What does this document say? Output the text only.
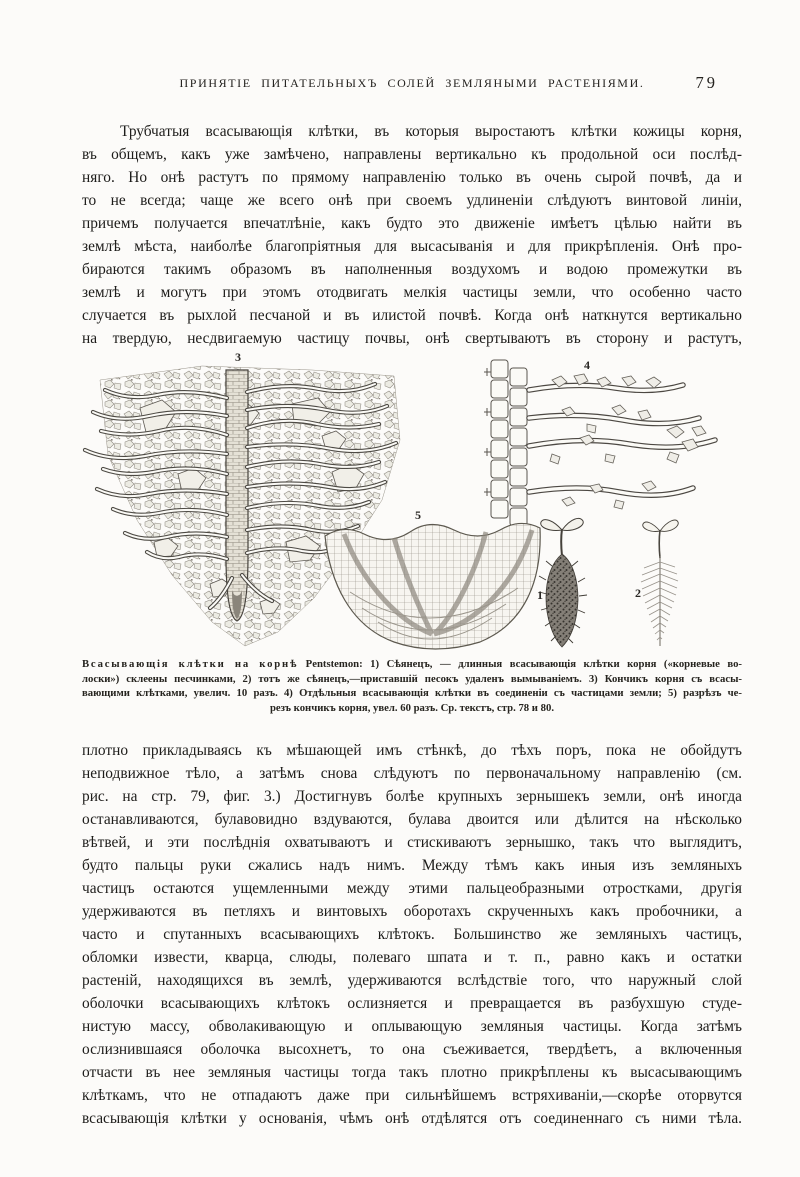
ПРИНЯТІЕ ПИТАТЕЛЬНЫХЪ СОЛЕЙ ЗЕМЛЯНЫМИ РАСТЕНІЯМИ.	79
Трубчатыя всасывающія клѣтки, въ которыя выростаютъ клѣтки кожицы корня,
въ общемъ, какъ уже замѣчено, направлены вертикально къ продольной оси послѣд-
няго. Но онѣ растутъ по прямому направленію только въ очень сырой почвѣ, да и
то не всегда; чаще же всего онѣ при своемъ удлиненіи слѣдуютъ винтовой линіи,
причемъ получается впечатлѣніе, какъ будто это движеніе имѣетъ цѣлью найти въ
землѣ мѣста, наиболѣе благопріятныя для высасыванія и для прикрѣпленія. Онѣ про-
бираются такимъ образомъ въ наполненныя воздухомъ и водою промежутки въ
землѣ и могутъ при этомъ отодвигать мелкія частицы земли, что особенно часто
случается въ рыхлой песчаной и въ илистой почвѣ. Когда онѣ наткнутся вертикально
на твердую, несдвигаемую частицу почвы, онѣ свертываютъ въ сторону и растутъ,
3
4
5
1	2
Всасывающія клѣтки на корнѣ Pentstemon: 1) Сѣянецъ, — длинныя всасывающія клѣтки корня («корневые во-
лоски») склеены песчинками, 2) тотъ же сѣянецъ,—приставшій песокъ удаленъ вымываніемъ. 3) Кончикъ корня съ всасы-
вающими клѣтками, увелич. 10 разъ. 4) Отдѣльныя всасывающія клѣтки въ соединеніи съ частицами земли; 5) разрѣзъ че-
резъ кончикъ корня, увел. 60 разъ. Ср. текстъ, стр. 78 и 80.
плотно прикладываясь къ мѣшающей имъ стѣнкѣ, до тѣхъ поръ, пока не обойдутъ
неподвижное тѣло, а затѣмъ снова слѣдуютъ по первоначальному направленію (см.
рис. на стр. 79, фиг. 3.) Достигнувъ болѣе крупныхъ зернышекъ земли, онѣ иногда
останавливаются, булавовидно вздуваются, булава двоится или дѣлится на нѣсколько
вѣтвей, и эти послѣднія охватываютъ и стискиваютъ зернышко, такъ что выглядитъ,
будто пальцы руки сжались надъ нимъ. Между тѣмъ какъ иныя изъ земляныхъ
частицъ остаются ущемленными между этими пальцеобразными отростками, другія
удерживаются въ петляхъ и винтовыхъ оборотахъ скрученныхъ какъ пробочники, а
часто и спутанныхъ всасывающихъ клѣтокъ. Большинство же земляныхъ частицъ,
обломки извести, кварца, слюды, полеваго шпата и т. п., равно какъ и остатки
растеній, находящихся въ землѣ, удерживаются вслѣдствіе того, что наружный слой
оболочки всасывающихъ клѣтокъ ослизняется и превращается въ разбухшую студе-
нистую массу, обволакивающую и оплывающую земляныя частицы. Когда затѣмъ
ослизнившаяся оболочка высохнетъ, то она съеживается, твердѣетъ, а включенныя
отчасти въ нее земляныя частицы тогда такъ плотно прикрѣплены къ высасывающимъ
клѣткамъ, что не отпадаютъ даже при сильнѣйшемъ встряхиваніи,—скорѣе оторвутся
всасывающія клѣтки у основанія, чѣмъ онѣ отдѣлятся отъ соединеннаго съ ними тѣла.
